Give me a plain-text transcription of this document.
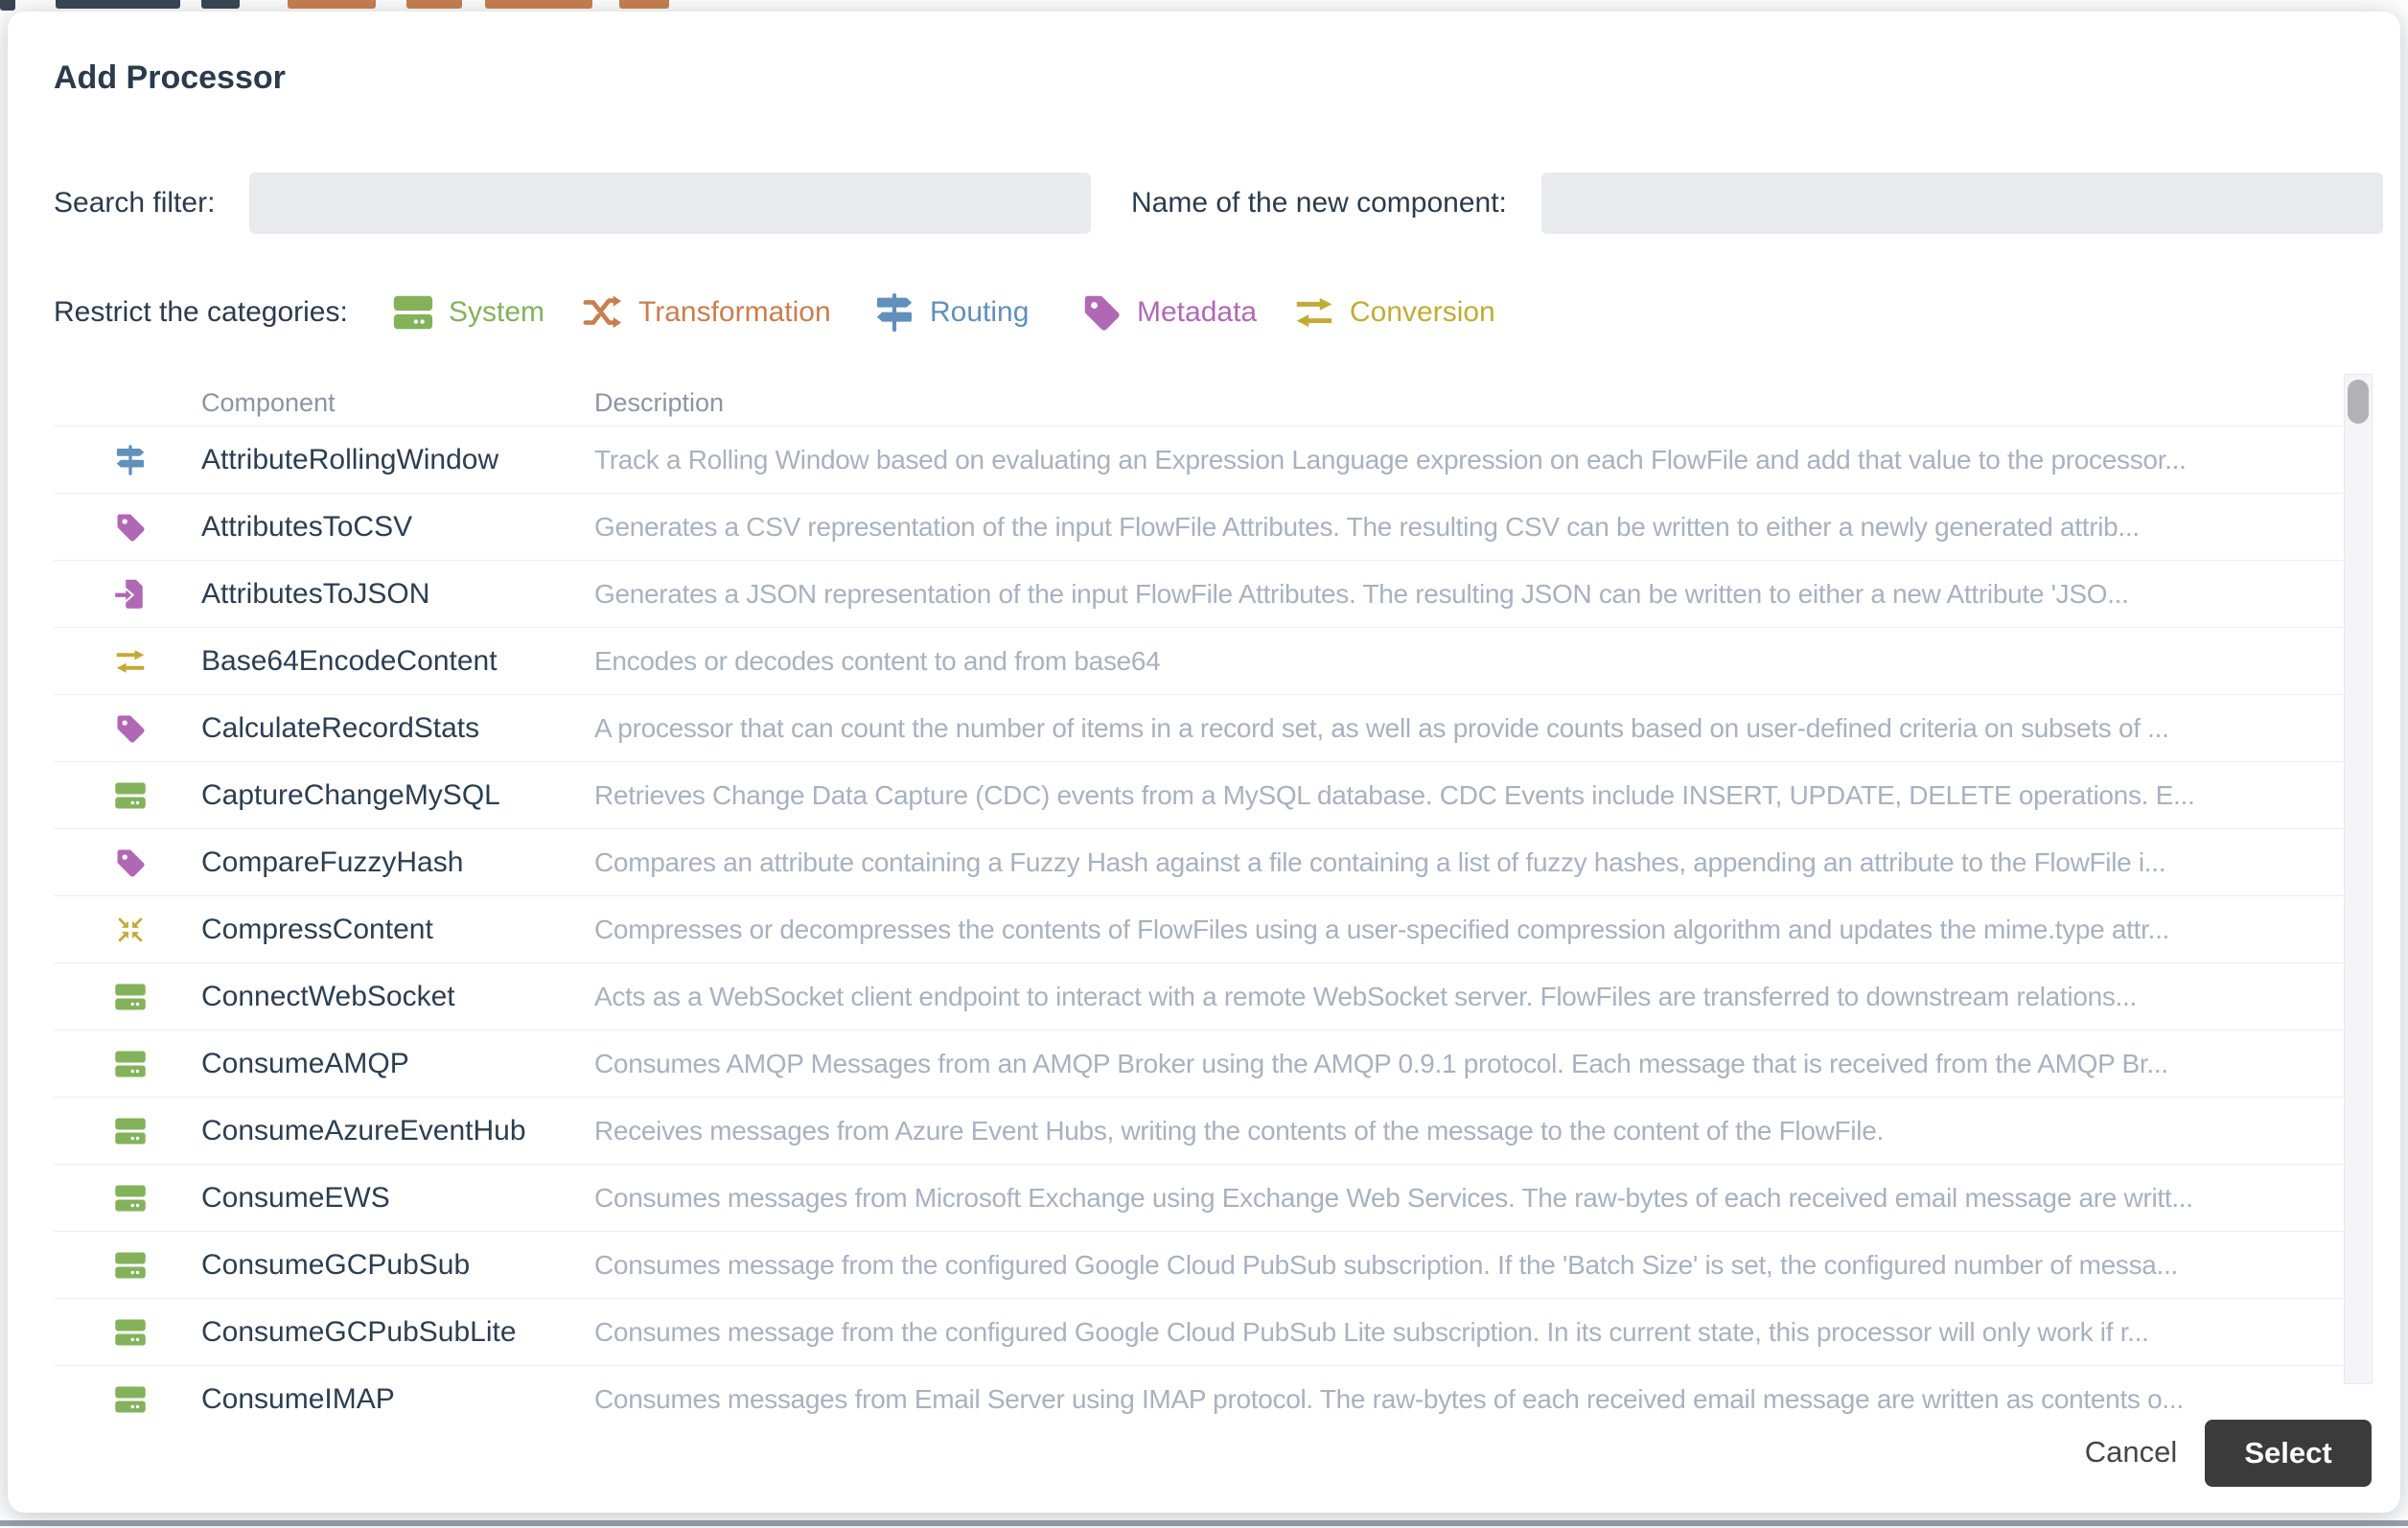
Add Processor
Search filter:	Name of the new component:
Restrict the categories:	System	Transformation	Routing	Metadata	Conversion
Component	Description
AttributeRollingWindow	Track a Rolling Window based on evaluating an Expression Language expression on each FlowFile and add that value to the processor...
AttributesToCSV	Generates a CSV representation of the input FlowFile Attributes. The resulting CSV can be written to either a newly generated attrib...
AttributesToJSON	Generates a JSON representation of the input FlowFile Attributes. The resulting JSON can be written to either a new Attribute 'JSO...
Base64EncodeContent	Encodes or decodes content to and from base64
CalculateRecordStats	A processor that can count the number of items in a record set, as well as provide counts based on user-defined criteria on subsets of ...
CaptureChangeMySQL	Retrieves Change Data Capture (CDC) events from a MySQL database. CDC Events include INSERT, UPDATE, DELETE operations. E...
CompareFuzzyHash	Compares an attribute containing a Fuzzy Hash against a file containing a list of fuzzy hashes, appending an attribute to the FlowFile i...
CompressContent	Compresses or decompresses the contents of FlowFiles using a user-specified compression algorithm and updates the mime.type attr...
ConnectWebSocket	Acts as a WebSocket client endpoint to interact with a remote WebSocket server. FlowFiles are transferred to downstream relations...
ConsumeAMQP	Consumes AMQP Messages from an AMQP Broker using the AMQP 0.9.1 protocol. Each message that is received from the AMQP Br...
ConsumeAzureEventHub	Receives messages from Azure Event Hubs, writing the contents of the message to the content of the FlowFile.
ConsumeEWS	Consumes messages from Microsoft Exchange using Exchange Web Services. The raw-bytes of each received email message are writt...
ConsumeGCPubSub	Consumes message from the configured Google Cloud PubSub subscription. If the 'Batch Size' is set, the configured number of messa...
ConsumeGCPubSubLite	Consumes message from the configured Google Cloud PubSub Lite subscription. In its current state, this processor will only work if r...
ConsumeIMAP	Consumes messages from Email Server using IMAP protocol. The raw-bytes of each received email message are written as contents o...
Cancel	Select
